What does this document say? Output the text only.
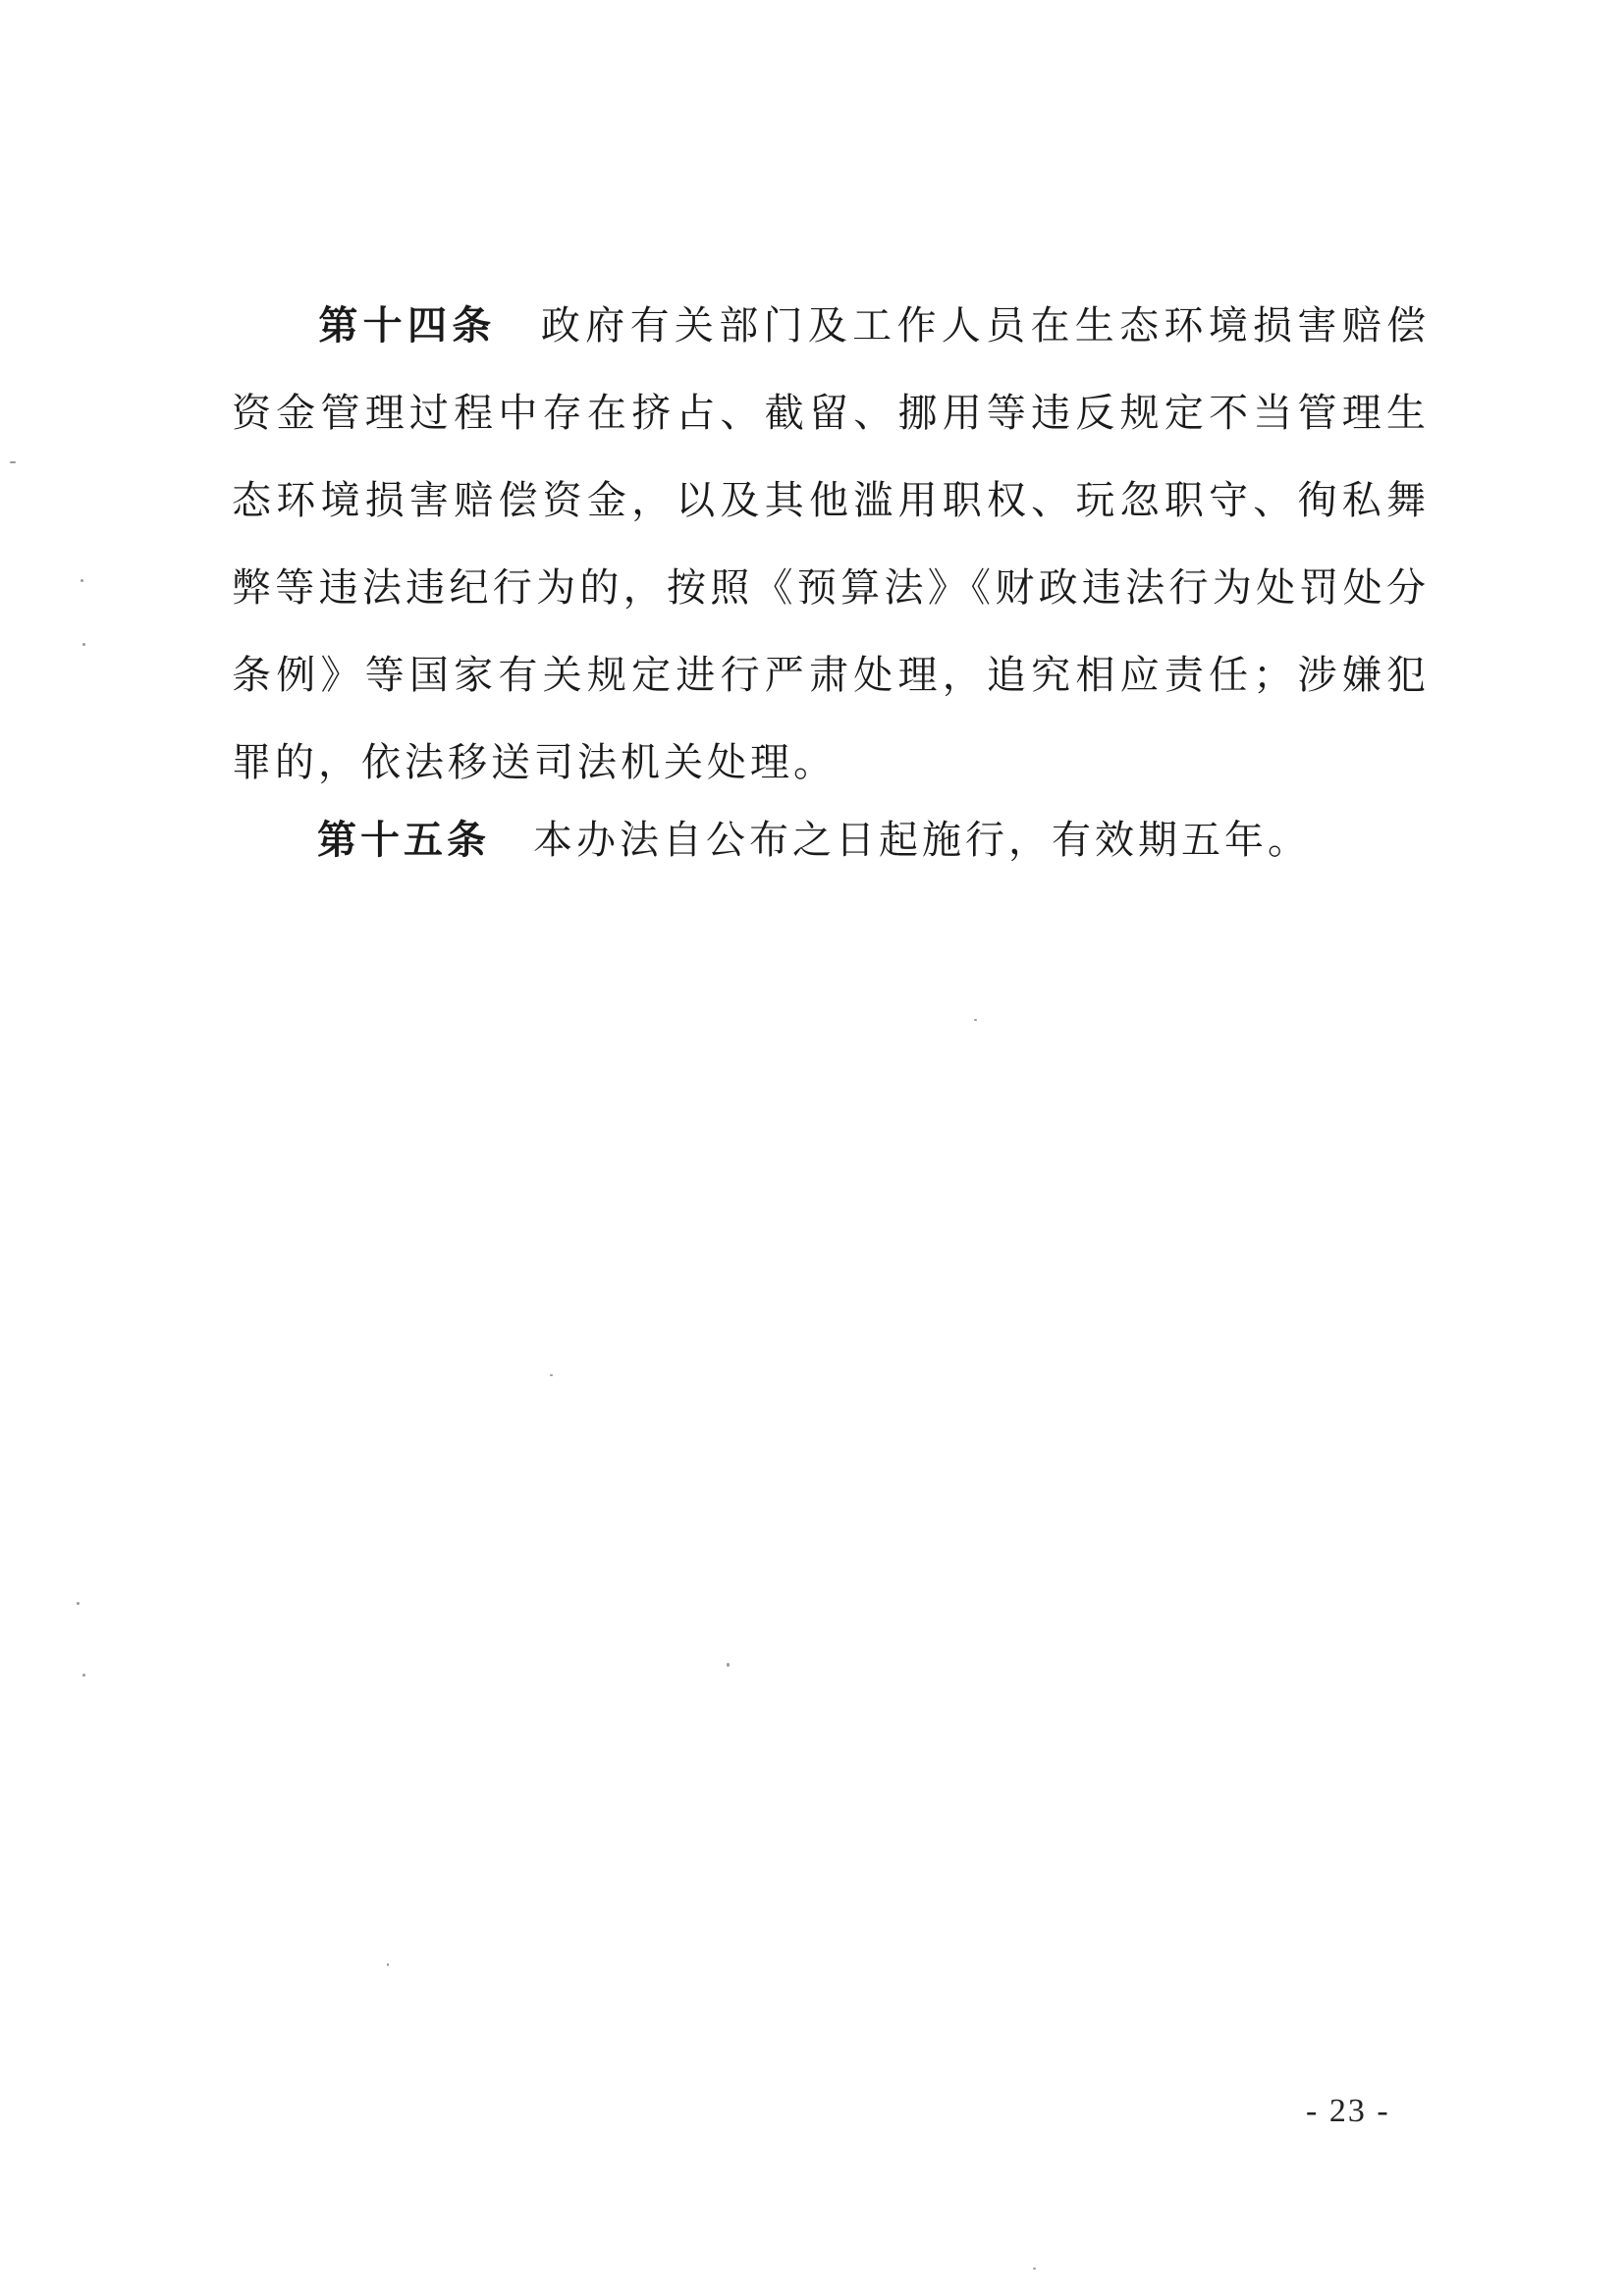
第十四条 政府有关部门及工作人员在生态环境损害赔偿资金管理过程中存在挤占、截留、挪用等违反规定不当管理生态环境损害赔偿资金，以及其他滥用职权、玩忽职守、徇私舞弊等违法违纪行为的，按照《预算法》《财政违法行为处罚处分条例》等国家有关规定进行严肃处理，追究相应责任；涉嫌犯罪的，依法移送司法机关处理。

第十五条 本办法自公布之日起施行，有效期五年。

- 23 -
